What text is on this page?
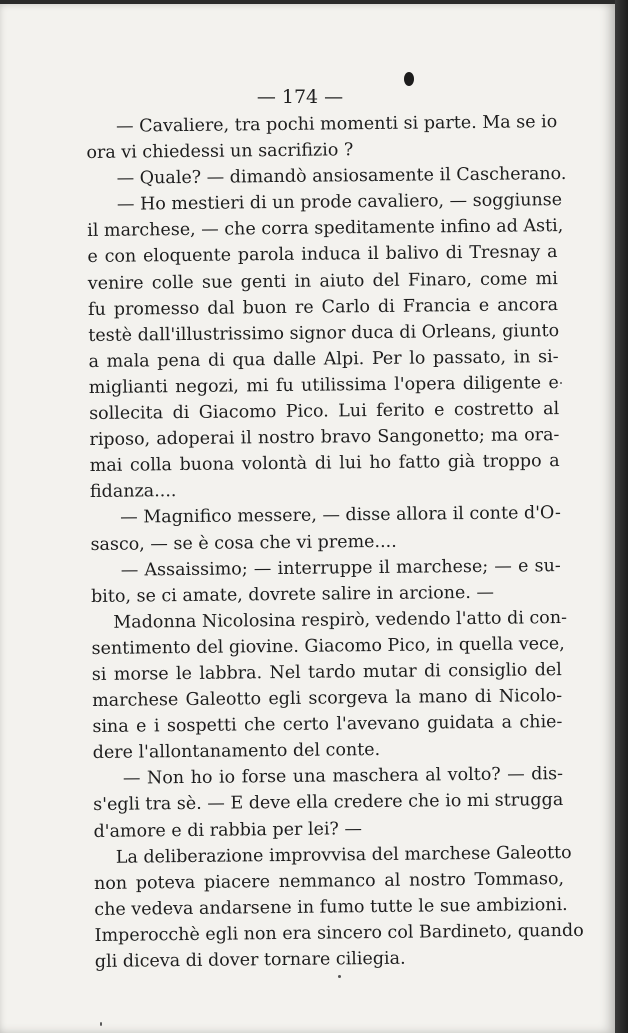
— 174 —
— Cavaliere, tra pochi momenti si parte. Ma se io
ora vi chiedessi un sacrifizio ?
— Quale? — dimandò ansiosamente il Cascherano.
— Ho mestieri di un prode cavaliero, — soggiunse
il marchese, — che corra speditamente infino ad Asti,
e con eloquente parola induca il balivo di Tresnay a
venire colle sue genti in aiuto del Finaro, come mi
fu promesso dal buon re Carlo di Francia e ancora
testè dall'illustrissimo signor duca di Orleans, giunto
a mala pena di qua dalle Alpi. Per lo passato, in si-
miglianti negozi, mi fu utilissima l'opera diligente e
sollecita di Giacomo Pico. Lui ferito e costretto al
riposo, adoperai il nostro bravo Sangonetto; ma ora-
mai colla buona volontà di lui ho fatto già troppo a
fidanza....
— Magnifico messere, — disse allora il conte d'O-
sasco, — se è cosa che vi preme....
— Assaissimo; — interruppe il marchese; — e su-
bito, se ci amate, dovrete salire in arcione. —
Madonna Nicolosina respirò, vedendo l'atto di con-
sentimento del giovine. Giacomo Pico, in quella vece,
si morse le labbra. Nel tardo mutar di consiglio del
marchese Galeotto egli scorgeva la mano di Nicolo-
sina e i sospetti che certo l'avevano guidata a chie-
dere l'allontanamento del conte.
— Non ho io forse una maschera al volto? — dis-
s'egli tra sè. — E deve ella credere che io mi strugga
d'amore e di rabbia per lei? —
La deliberazione improvvisa del marchese Galeotto
non poteva piacere nemmanco al nostro Tommaso,
che vedeva andarsene in fumo tutte le sue ambizioni.
Imperocchè egli non era sincero col Bardineto, quando
gli diceva di dover tornare ciliegia.
